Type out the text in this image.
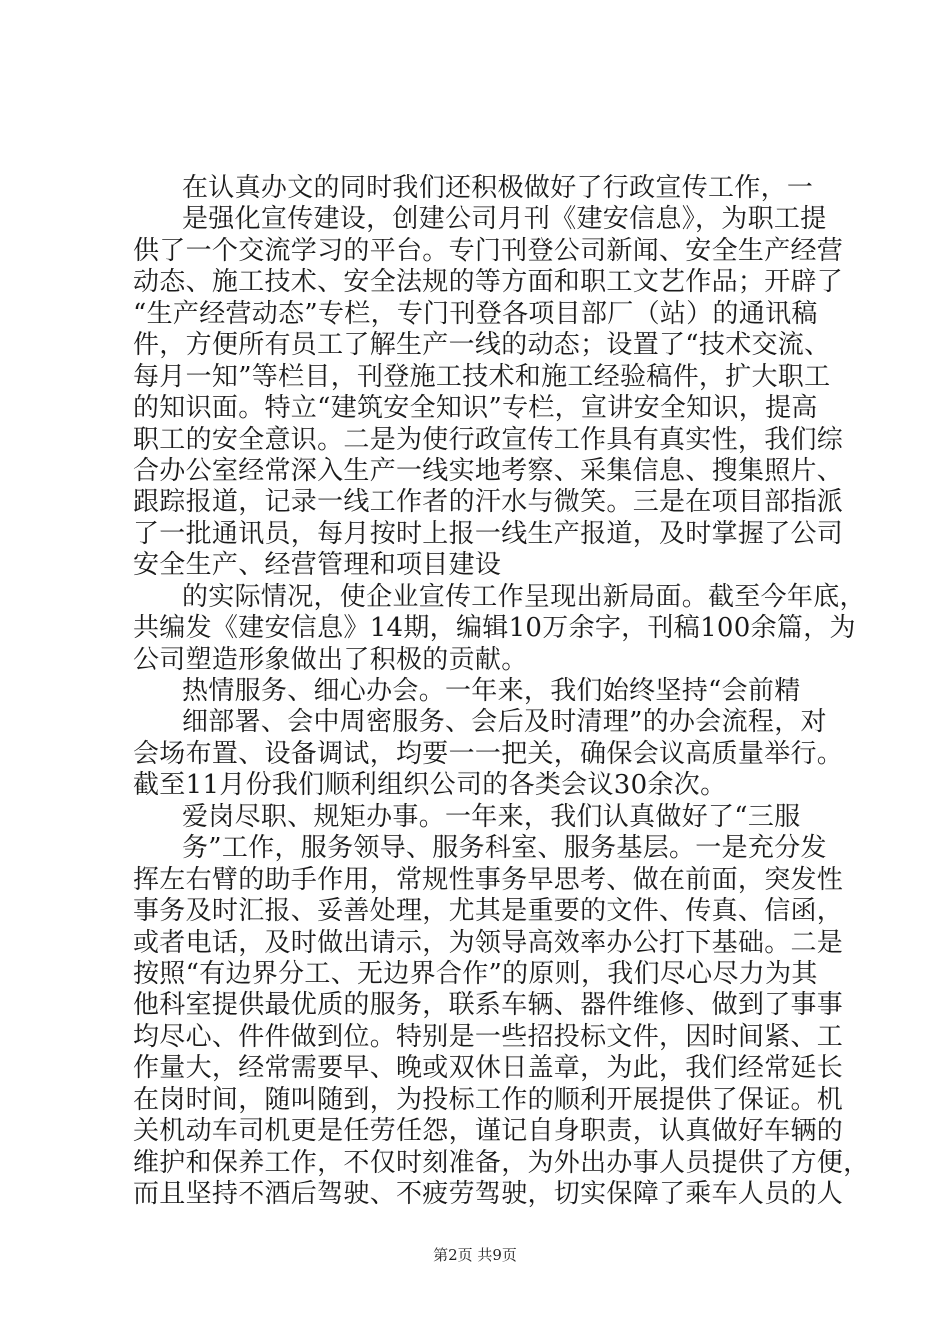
在认真办文的同时我们还积极做好了行政宣传工作，一
是强化宣传建设，创建公司月刊《建安信息》，为职工提
供了一个交流学习的平台。专门刊登公司新闻、安全生产经营
动态、施工技术、安全法规的等方面和职工文艺作品；开辟了
“生产经营动态”专栏，专门刊登各项目部厂（站）的通讯稿
件，方便所有员工了解生产一线的动态；设置了“技术交流、
每月一知”等栏目，刊登施工技术和施工经验稿件，扩大职工
的知识面。特立“建筑安全知识”专栏，宣讲安全知识，提高
职工的安全意识。二是为使行政宣传工作具有真实性，我们综
合办公室经常深入生产一线实地考察、采集信息、搜集照片、
跟踪报道，记录一线工作者的汗水与微笑。三是在项目部指派
了一批通讯员，每月按时上报一线生产报道，及时掌握了公司
安全生产、经营管理和项目建设
的实际情况，使企业宣传工作呈现出新局面。截至今年底，
共编发《建安信息》14期，编辑10万余字，刊稿100余篇，为
公司塑造形象做出了积极的贡献。
热情服务、细心办会。一年来，我们始终坚持“会前精
细部署、会中周密服务、会后及时清理”的办会流程，对
会场布置、设备调试，均要一一把关，确保会议高质量举行。
截至11月份我们顺利组织公司的各类会议30余次。
爱岗尽职、规矩办事。一年来，我们认真做好了“三服
务”工作，服务领导、服务科室、服务基层。一是充分发
挥左右臂的助手作用，常规性事务早思考、做在前面，突发性
事务及时汇报、妥善处理，尤其是重要的文件、传真、信函，
或者电话，及时做出请示，为领导高效率办公打下基础。二是
按照“有边界分工、无边界合作”的原则，我们尽心尽力为其
他科室提供最优质的服务，联系车辆、器件维修、做到了事事
均尽心、件件做到位。特别是一些招投标文件，因时间紧、工
作量大，经常需要早、晚或双休日盖章，为此，我们经常延长
在岗时间，随叫随到，为投标工作的顺利开展提供了保证。机
关机动车司机更是任劳任怨，谨记自身职责，认真做好车辆的
维护和保养工作，不仅时刻准备，为外出办事人员提供了方便，
而且坚持不酒后驾驶、不疲劳驾驶，切实保障了乘车人员的人
第2页 共9页
